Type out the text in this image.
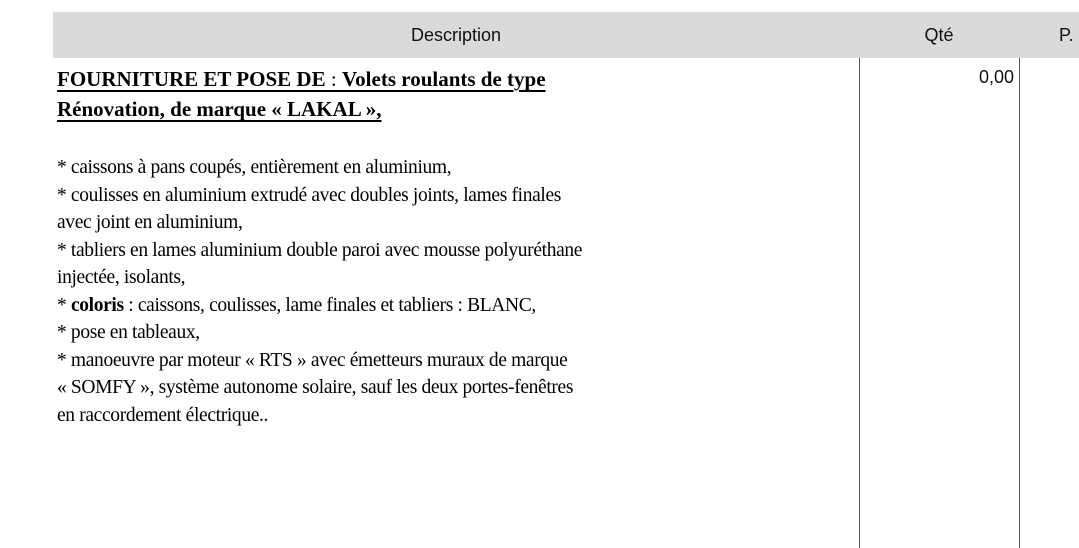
Description	Qté	P.
FOURNITURE ET POSE DE : Volets roulants de type
Rénovation, de marque « LAKAL »,

* caissons à pans coupés, entièrement en aluminium,

* coulisses en aluminium extrudé avec doubles joints, lames finales

avec joint en aluminium,

* tabliers en lames aluminium double paroi avec mousse polyuréthane

injectée, isolants,

* coloris : caissons, coulisses, lame finales et tabliers : BLANC,

* pose en tableaux,

* manoeuvre par moteur « RTS » avec émetteurs muraux de marque

« SOMFY », système autonome solaire, sauf les deux portes-fenêtres

en raccordement électrique..

0,00
